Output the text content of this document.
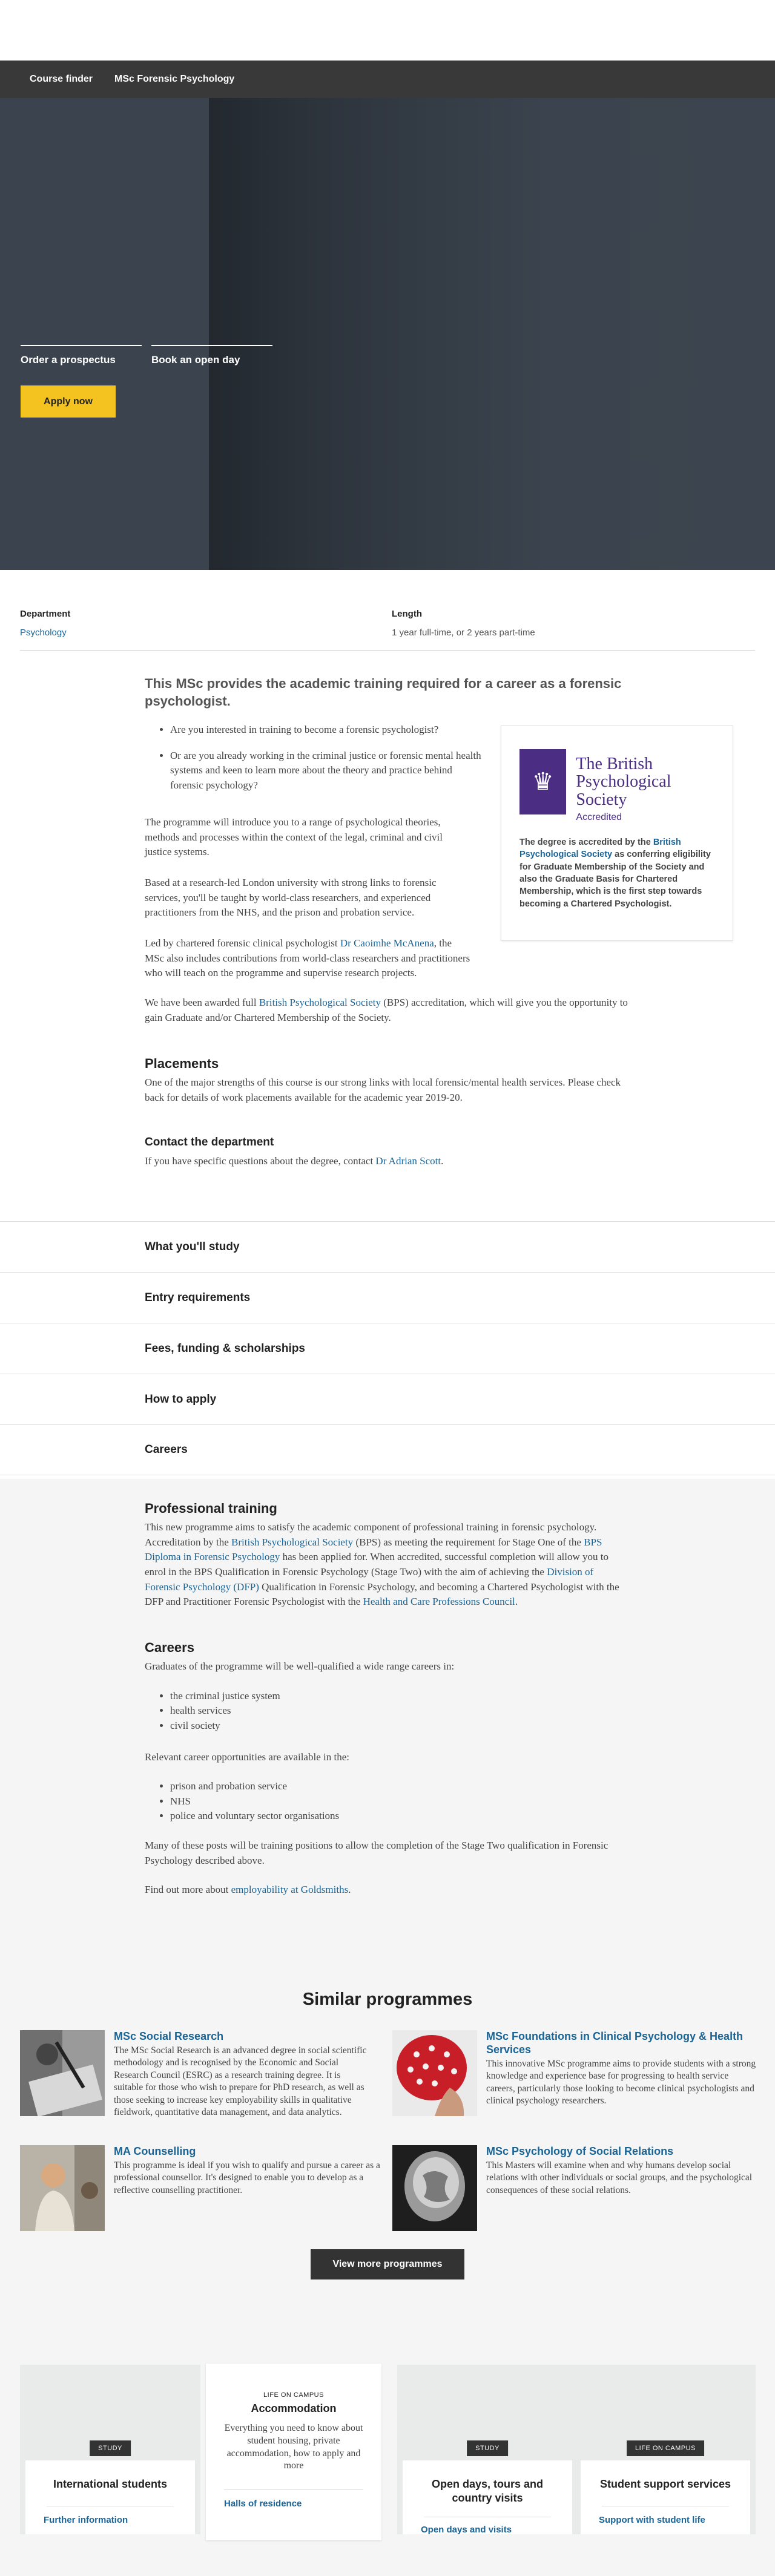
Course finder MSc Forensic Psychology
Order a prospectus	Book an open day
Apply now
Department
Psychology
Length
1 year full-time, or 2 years part-time
This MSc provides the academic training required for a career as a forensic psychologist.
• Are you interested in training to become a forensic psychologist?
• Or are you already working in the criminal justice or forensic mental health systems and keen to learn more about the theory and practice behind forensic psychology?

The programme will introduce you to a range of psychological theories, methods and processes within the context of the legal, criminal and civil justice systems.

Based at a research-led London university with strong links to forensic services, you'll be taught by world-class researchers, and experienced practitioners from the NHS, and the prison and probation service.

Led by chartered forensic clinical psychologist Dr Caoimhe McAnena, the MSc also includes contributions from world-class researchers and practitioners who will teach on the programme and supervise research projects.

We have been awarded full British Psychological Society (BPS) accreditation, which will give you the opportunity to gain Graduate and/or Chartered Membership of the Society.

♛
The British
Psychological Society
Accredited

The degree is accredited by the British Psychological Society as conferring eligibility for Graduate Membership of the Society and also the Graduate Basis for Chartered Membership, which is the first step towards becoming a Chartered Psychologist.

Placements

One of the major strengths of this course is our strong links with local forensic/mental health services. Please check back for details of work placements available for the academic year 2019-20.

Contact the department

If you have specific questions about the degree, contact Dr Adrian Scott.

What you'll study
Entry requirements
Fees, funding & scholarships
How to apply
Careers
Professional training

This new programme aims to satisfy the academic component of professional training in forensic psychology. Accreditation by the British Psychological Society (BPS) as meeting the requirement for Stage One of the BPS Diploma in Forensic Psychology has been applied for. When accredited, successful completion will allow you to enrol in the BPS Qualification in Forensic Psychology (Stage Two) with the aim of achieving the Division of Forensic Psychology (DFP) Qualification in Forensic Psychology, and becoming a Chartered Psychologist with the DFP and Practitioner Forensic Psychologist with the Health and Care Professions Council.

Careers

Graduates of the programme will be well-qualified a wide range careers in:

• the criminal justice system
• health services
• civil society

Relevant career opportunities are available in the:

• prison and probation service
• NHS
• police and voluntary sector organisations

Many of these posts will be training positions to allow the completion of the Stage Two qualification in Forensic Psychology described above.

Find out more about employability at Goldsmiths.

Similar programmes
MSc Social Research
The MSc Social Research is an advanced degree in social scientific methodology and is recognised by the Economic and Social Research Council (ESRC) as a research training degree. It is suitable for those who wish to prepare for PhD research, as well as those seeking to increase key employability skills in qualitative fieldwork, quantitative data management, and data analytics.
MSc Foundations in Clinical Psychology & Health Services
This innovative MSc programme aims to provide students with a strong knowledge and experience base for progressing to health service careers, particularly those looking to become clinical psychologists and clinical psychology researchers.
MA Counselling
This programme is ideal if you wish to qualify and pursue a career as a professional counsellor. It's designed to enable you to develop as a reflective counselling practitioner.
MSc Psychology of Social Relations
This Masters will examine when and why humans develop social relations with other individuals or social groups, and the psychological consequences of these social relations.
View more programmes
STUDY
International students
Further information
LIFE ON CAMPUS
Accommodation
Everything you need to know about student housing, private accommodation, how to apply and more
Halls of residence
STUDY
Open days, tours and country visits
Open days and visits
LIFE ON CAMPUS
Student support services
Support with student life
